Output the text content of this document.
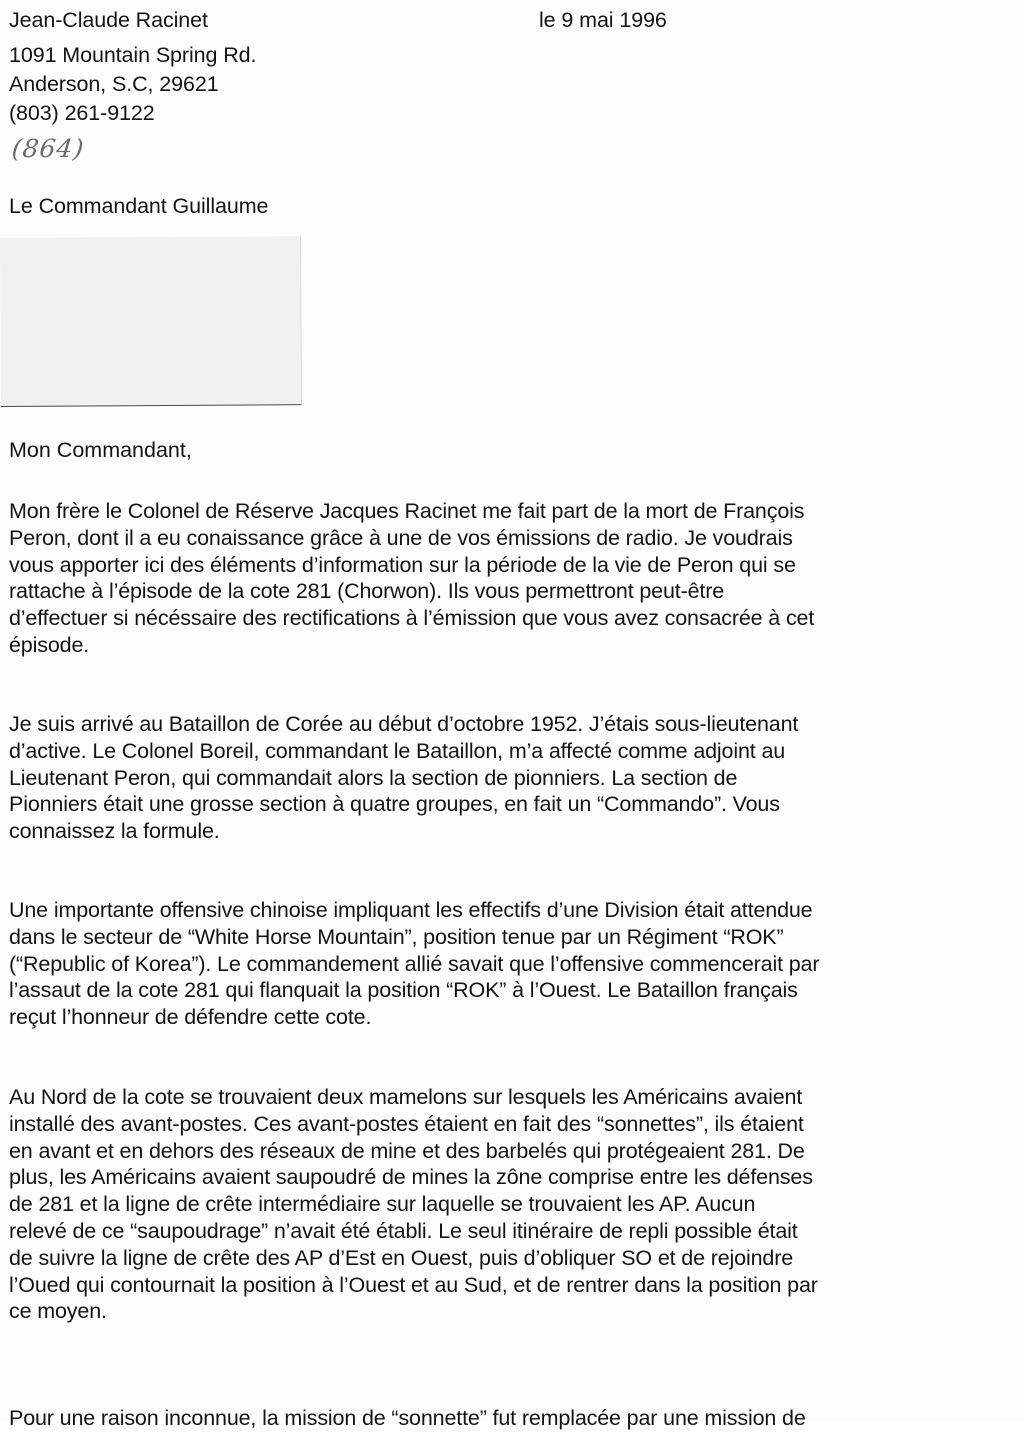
Jean-Claude Racinet
1091 Mountain Spring Rd.
Anderson, S.C, 29621
(803) 261-9122
(864)
le 9 mai 1996
Le Commandant Guillaume
Mon Commandant,
Mon frère le Colonel de Réserve Jacques Racinet me fait part de la mort de François
Peron, dont il a eu conaissance grâce à une de vos émissions de radio. Je voudrais
vous apporter ici des éléments d’information sur la période de la vie de Peron qui se
rattache à l’épisode de la cote 281 (Chorwon). Ils vous permettront peut-être
d’effectuer si nécéssaire des rectifications à l’émission que vous avez consacrée à cet
épisode.
Je suis arrivé au Bataillon de Corée au début d’octobre 1952. J’étais sous-lieutenant
d’active. Le Colonel Boreil, commandant le Bataillon, m’a affecté comme adjoint au
Lieutenant Peron, qui commandait alors la section de pionniers. La section de
Pionniers était une grosse section à quatre groupes, en fait un “Commando”. Vous
connaissez la formule.
Une importante offensive chinoise impliquant les effectifs d’une Division était attendue
dans le secteur de “White Horse Mountain”, position tenue par un Régiment “ROK”
(“Republic of Korea”). Le commandement allié savait que l’offensive commencerait par
l’assaut de la cote 281 qui flanquait la position “ROK” à l’Ouest. Le Bataillon français
reçut l’honneur de défendre cette cote.
Au Nord de la cote se trouvaient deux mamelons sur lesquels les Américains avaient
installé des avant-postes. Ces avant-postes étaient en fait des “sonnettes”, ils étaient
en avant et en dehors des réseaux de mine et des barbelés qui protégeaient 281. De
plus, les Américains avaient saupoudré de mines la zône comprise entre les défenses
de 281 et la ligne de crête intermédiaire sur laquelle se trouvaient les AP. Aucun
relevé de ce “saupoudrage” n’avait été établi. Le seul itinéraire de repli possible était
de suivre la ligne de crête des AP d’Est en Ouest, puis d’obliquer SO et de rejoindre
l’Oued qui contournait la position à l’Ouest et au Sud, et de rentrer dans la position par
ce moyen.
Pour une raison inconnue, la mission de “sonnette” fut remplacée par une mission de
